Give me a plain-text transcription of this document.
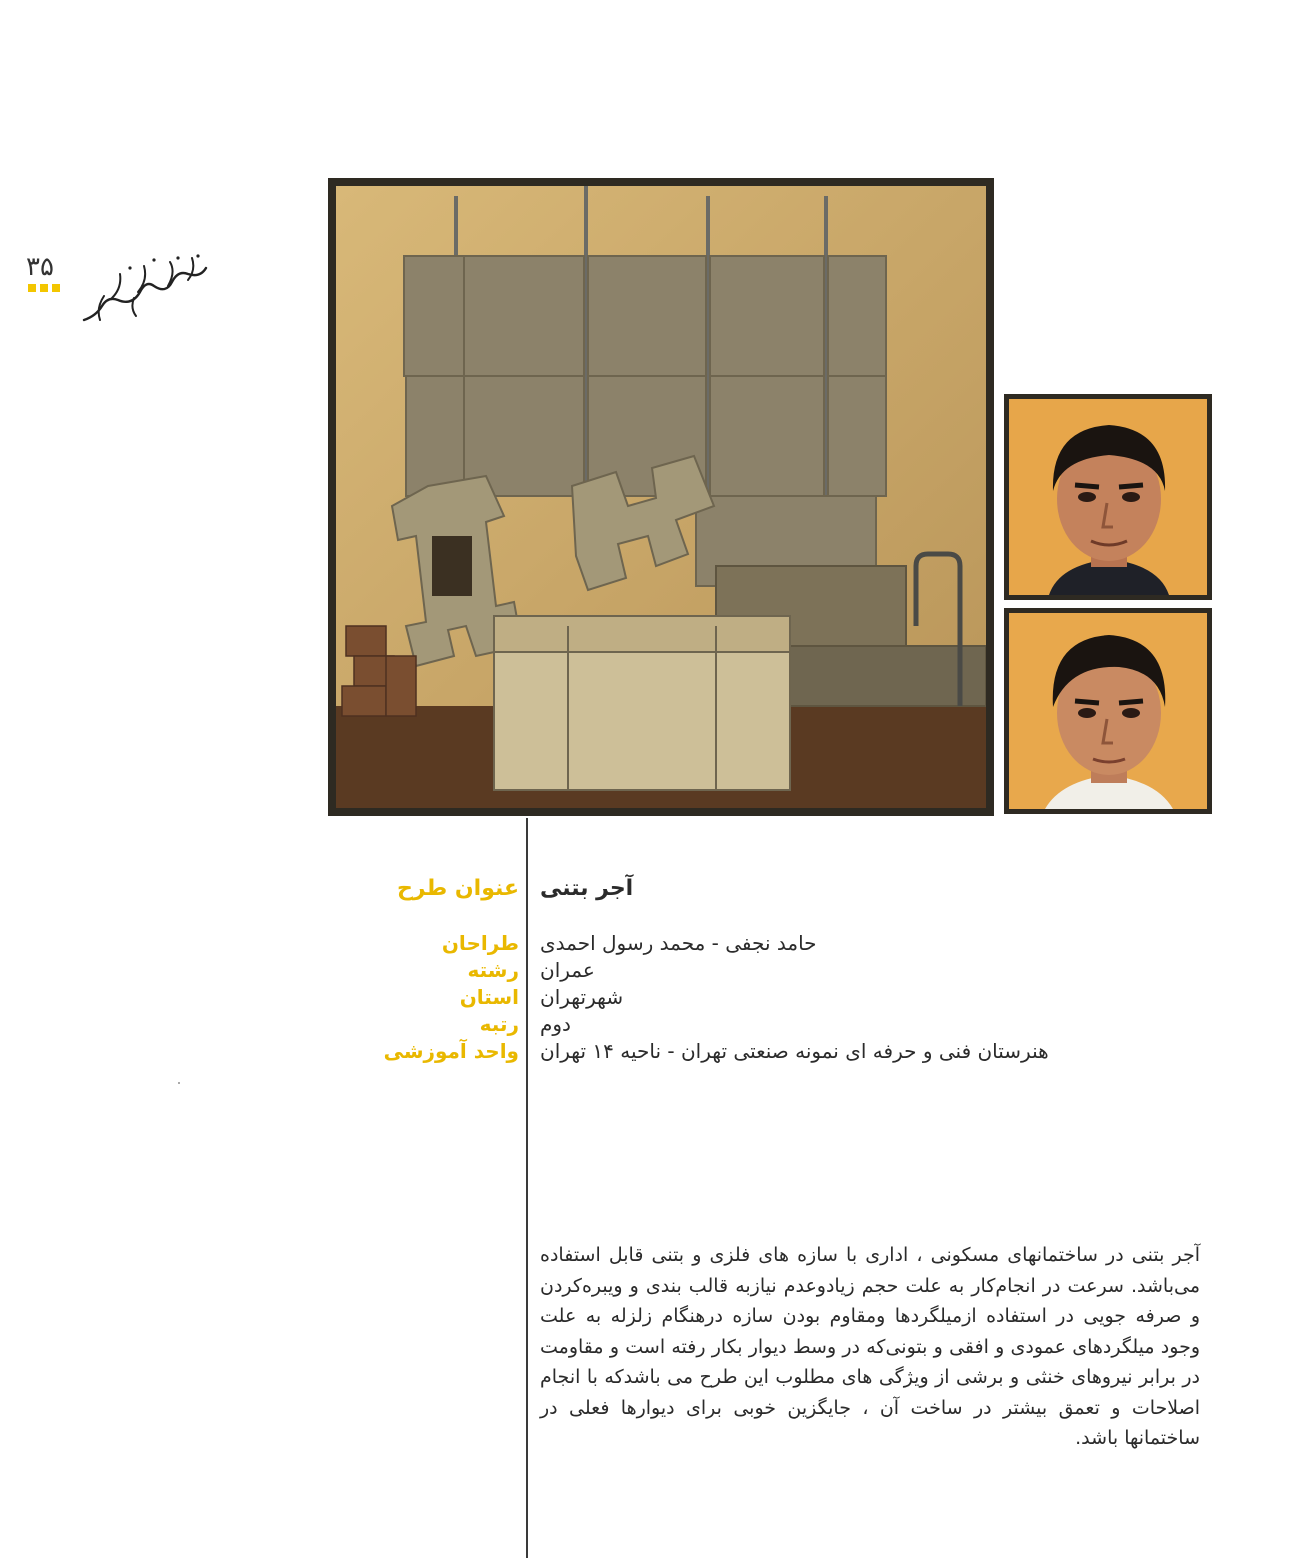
۳۵
عنوان طرح
طراحان
رشته
استان
رتبه
واحد آموزشی
آجر بتنی
حامد نجفی - محمد رسول احمدی
عمران
شهرتهران
دوم
هنرستان فنی و حرفه ای نمونه صنعتی تهران - ناحیه ۱۴ تهران
آجر بتنی در ساختمانهای مسکونی ، اداری با سازه های فلزی و بتنی قابل استفاده می‌باشد. سرعت در انجام‌کار به علت حجم زیاد‌وعدم نیاز‌به قالب بندی و ویبره‌کردن و صرفه جویی در استفاده ازمیلگردها ومقاوم بودن سازه درهنگام زلزله به علت وجود میلگردهای عمودی و افقی و بتونی‌که در وسط دیوار بکار رفته است و مقاومت در برابر نیروهای خنثی و برشی از ویژگی های مطلوب این طرح می باشد‌که با انجام اصلاحات و تعمق بیشتر در ساخت آن ، جایگزین خوبی برای دیوارها فعلی در ساختمانها باشد.
